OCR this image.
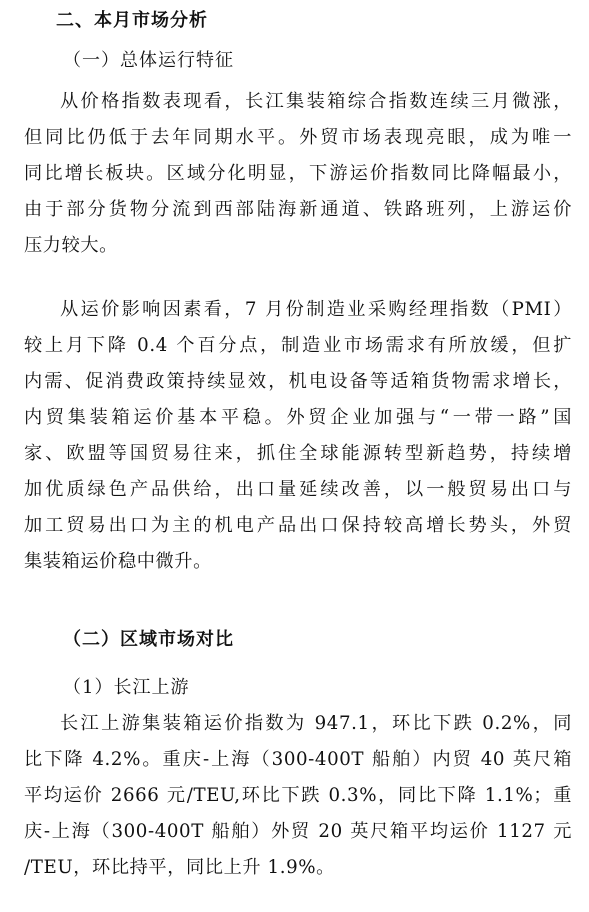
二、本月市场分析
（一）总体运行特征
从价格指数表现看，长江集装箱综合指数连续三月微涨，
但同比仍低于去年同期水平。外贸市场表现亮眼，成为唯一
同比增长板块。区域分化明显，下游运价指数同比降幅最小，
由于部分货物分流到西部陆海新通道、铁路班列，上游运价
压力较大。
从运价影响因素看，7 月份制造业采购经理指数（PMI）
较上月下降 0.4 个百分点，制造业市场需求有所放缓，但扩
内需、促消费政策持续显效，机电设备等适箱货物需求增长，
内贸集装箱运价基本平稳。外贸企业加强与“一带一路”国
家、欧盟等国贸易往来，抓住全球能源转型新趋势，持续增
加优质绿色产品供给，出口量延续改善，以一般贸易出口与
加工贸易出口为主的机电产品出口保持较高增长势头，外贸
集装箱运价稳中微升。
（二）区域市场对比
（1）长江上游
长江上游集装箱运价指数为 947.1，环比下跌 0.2%，同
比下降 4.2%。重庆-上海（300-400T 船舶）内贸 40 英尺箱
平均运价 2666 元/TEU,环比下跌 0.3%，同比下降 1.1%；重
庆-上海（300-400T 船舶）外贸 20 英尺箱平均运价 1127 元
/TEU，环比持平，同比上升 1.9%。
